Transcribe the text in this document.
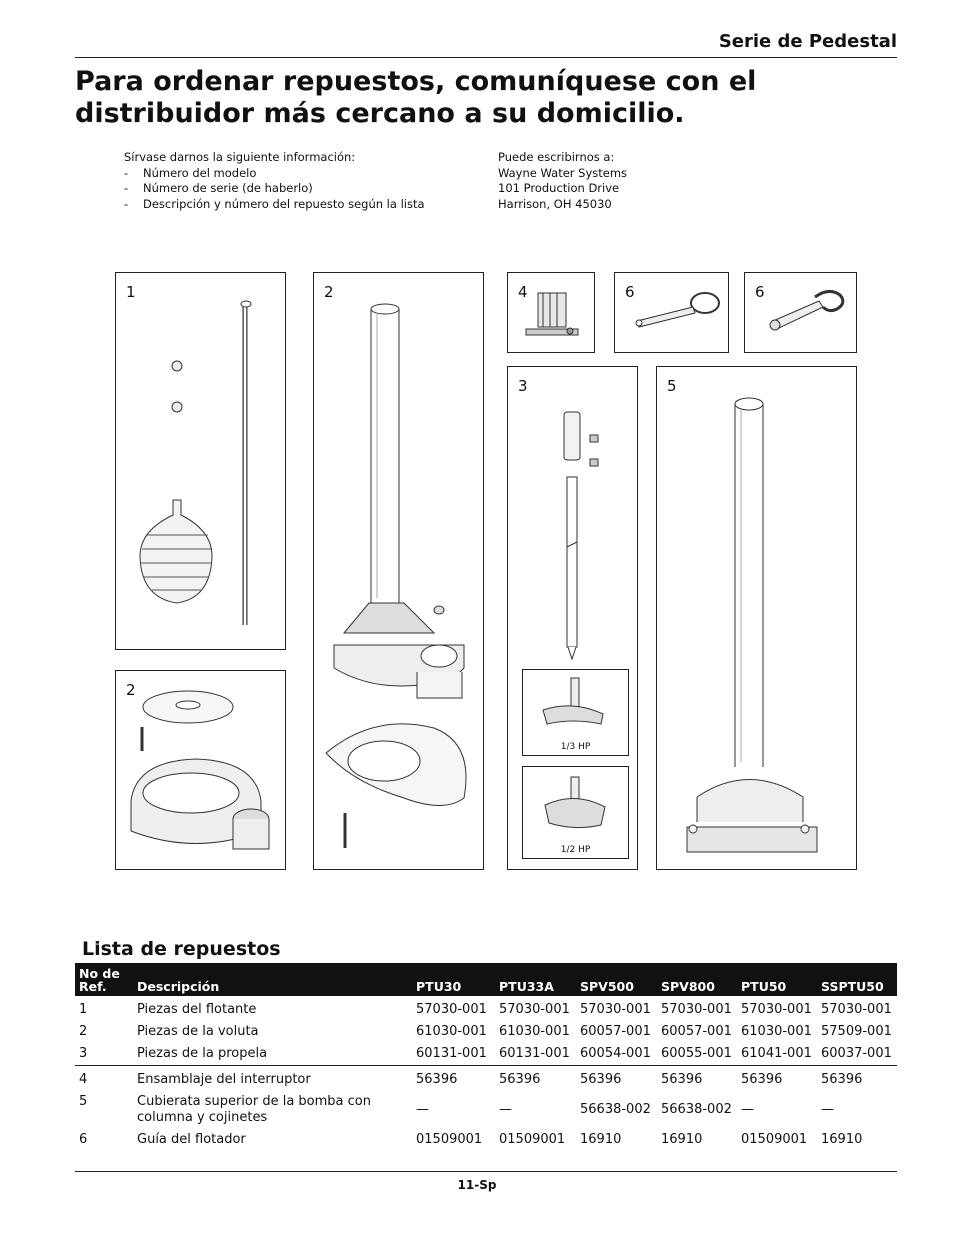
Serie de Pedestal
Para ordenar repuestos, comuníquese con el distribuidor más cercano a su domicilio.
Sírvase darnos la siguiente información:
-	Número del modelo
-	Número de serie (de haberlo)
-	Descripción y número del repuesto según la lista
Puede escribirnos a:
Wayne Water Systems
101 Production Drive
Harrison, OH 45030
1	2
2
4	6	6
3
1/3 HP
1/2 HP
5
Lista de repuestos
No de Ref.	Descripción	PTU30	PTU33A	SPV500	SPV800	PTU50	SSPTU50
1	Piezas del flotante	57030-001	57030-001	57030-001	57030-001	57030-001	57030-001
2	Piezas de la voluta	61030-001	61030-001	60057-001	60057-001	61030-001	57509-001
3	Piezas de la propela	60131-001	60131-001	60054-001	60055-001	61041-001	60037-001
4	Ensamblaje del interruptor	56396	56396	56396	56396	56396	56396
5	Cubierata superior de la bomba con columna y cojinetes	—	—	56638-002	56638-002	—	—
6	Guía del flotador	01509001	01509001	16910	16910	01509001	16910
11-Sp
